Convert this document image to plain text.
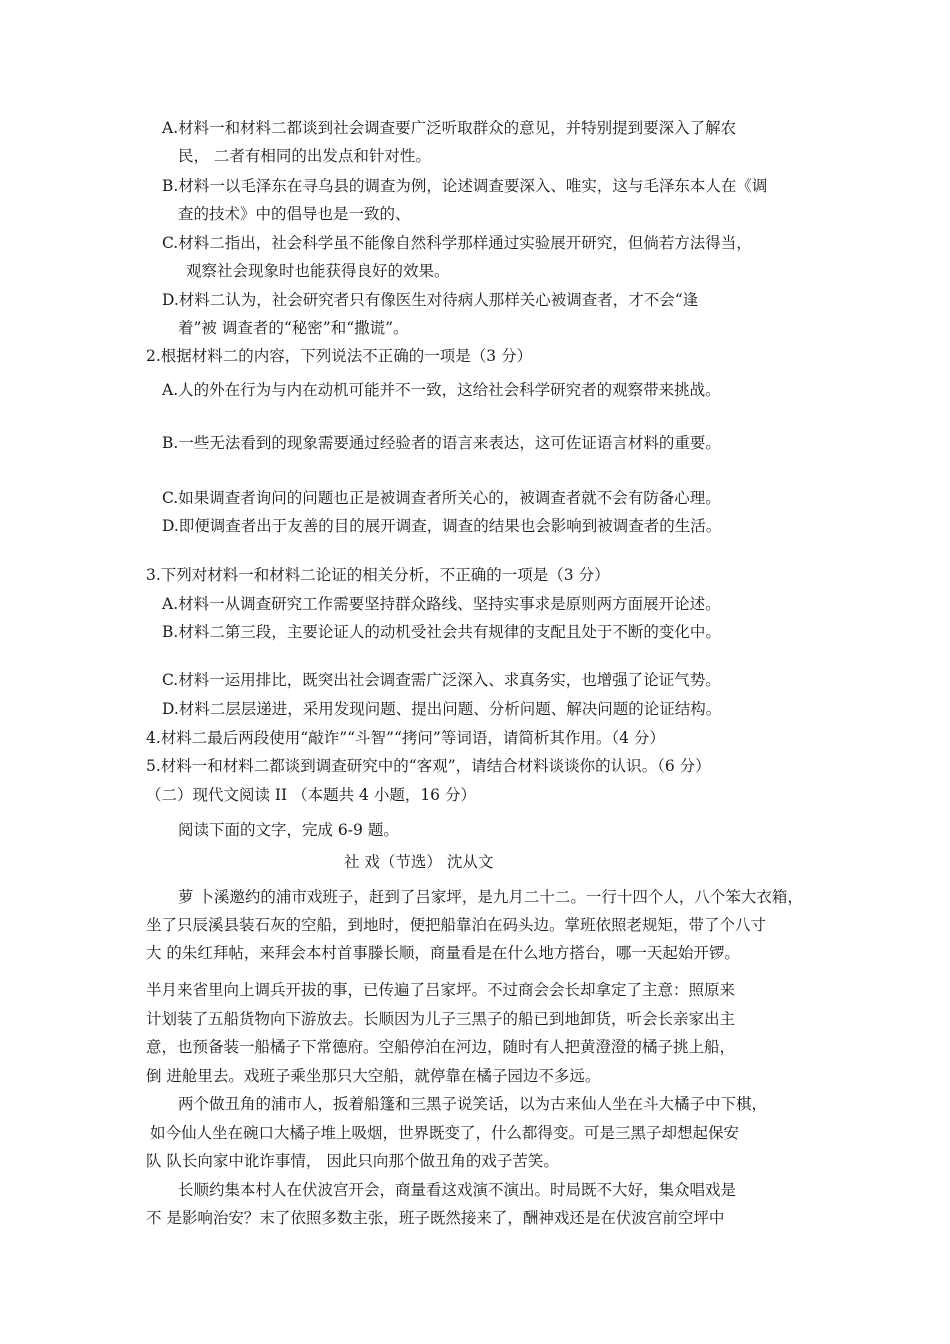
A.材料一和材料二都谈到社会调查要广泛听取群众的意见，并特别提到要深入了解农
民， 二者有相同的出发点和针对性。
B.材料一以毛泽东在寻乌县的调查为例，论述调查要深入、唯实，这与毛泽东本人在《调
查的技术》中的倡导也是一致的、
C.材料二指出，社会科学虽不能像自然科学那样通过实验展开研究，但倘若方法得当，
观察社会现象时也能获得良好的效果。
D.材料二认为，社会研究者只有像医生对待病人那样关心被调查者，才不会“逢
着”被 调查者的“秘密”和“撒谎”。
2.根据材料二的内容，下列说法不正确的一项是（3 分）
A.人的外在行为与内在动机可能并不一致，这给社会科学研究者的观察带来挑战。
B.一些无法看到的现象需要通过经验者的语言来表达，这可佐证语言材料的重要。
C.如果调查者询问的问题也正是被调查者所关心的，被调查者就不会有防备心理。
D.即便调查者出于友善的目的展开调查，调查的结果也会影响到被调查者的生活。
3.下列对材料一和材料二论证的相关分析，不正确的一项是（3 分）
A.材料一从调查研究工作需要坚持群众路线、坚持实事求是原则两方面展开论述。
B.材料二第三段，主要论证人的动机受社会共有规律的支配且处于不断的变化中。
C.材料一运用排比，既突出社会调查需广泛深入、求真务实，也增强了论证气势。
D.材料二层层递进，采用发现问题、提出问题、分析问题、解决问题的论证结构。
4.材料二最后两段使用“敲诈”“斗智”“拷问”等词语，请简析其作用。（4 分）
5.材料一和材料二都谈到调查研究中的“客观”，请结合材料谈谈你的认识。（6 分）
（二）现代文阅读 II （本题共 4 小题，16 分）
阅读下面的文字，完成 6-9 题。
社 戏（节选） 沈从文
萝 卜溪邀约的浦市戏班子，赶到了吕家坪，是九月二十二。一行十四个人，八个笨大衣箱，
坐了只辰溪县装石灰的空船，到地时，便把船靠泊在码头边。掌班依照老规矩，带了个八寸
大 的朱红拜帖，来拜会本村首事滕长顺，商量看是在什么地方搭台，哪一天起始开锣。
半月来省里向上调兵开拔的事，已传遍了吕家坪。不过商会会长却拿定了主意：照原来
计划装了五船货物向下游放去。长顺因为儿子三黑子的船已到地卸货，听会长亲家出主
意，也预备装一船橘子下常德府。空船停泊在河边，随时有人把黄澄澄的橘子挑上船，
倒 进舱里去。戏班子乘坐那只大空船，就停靠在橘子园边不多远。
两个做丑角的浦市人，扳着船篷和三黑子说笑话，以为古来仙人坐在斗大橘子中下棋，
如今仙人坐在碗口大橘子堆上吸烟，世界既变了，什么都得变。可是三黑子却想起保安
队 队长向家中讹诈事情， 因此只向那个做丑角的戏子苦笑。
长顺约集本村人在伏波宫开会，商量看这戏演不演出。时局既不大好，集众唱戏是
不 是影响治安？末了依照多数主张，班子既然接来了，酬神戏还是在伏波宫前空坪中
